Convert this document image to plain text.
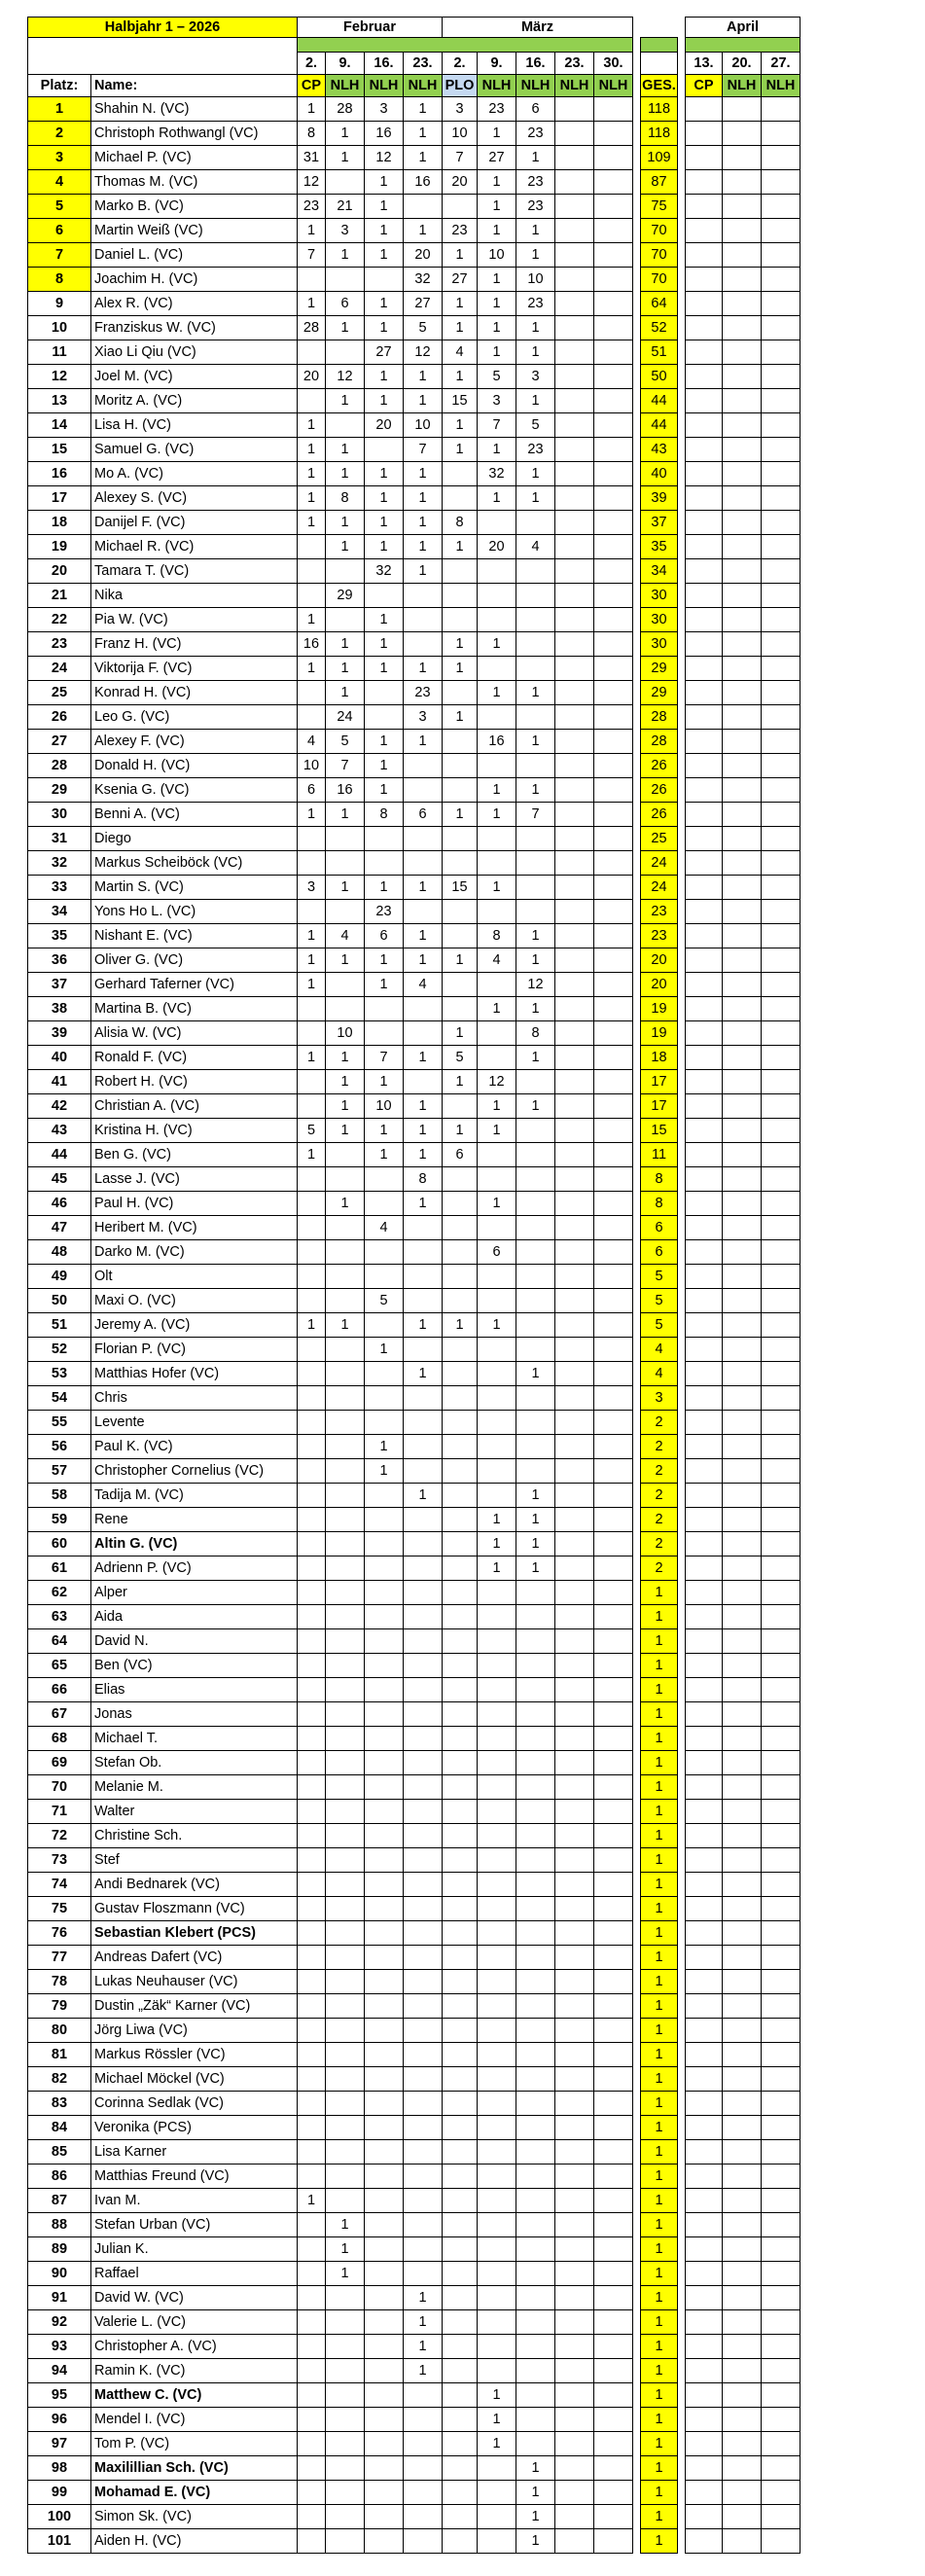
Halbjahr 1 – 2026		Februar				März								April		

		2.	9.	16.	23.	2.	9.	16.	23.	30.				13.	20.	27.
Platz:	Name:	CP	NLH	NLH	NLH	PLO	NLH	NLH	NLH	NLH		GES.		CP	NLH	NLH
1	Shahin N. (VC)	1	28	3	1	3	23	6				118				
2	Christoph Rothwangl (VC)	8	1	16	1	10	1	23				118				
3	Michael P. (VC)	31	1	12	1	7	27	1				109				
4	Thomas M. (VC)	12		1	16	20	1	23				87				
5	Marko B. (VC)	23	21	1			1	23				75				
6	Martin Weiß (VC)	1	3	1	1	23	1	1				70				
7	Daniel L. (VC)	7	1	1	20	1	10	1				70				
8	Joachim H. (VC)				32	27	1	10				70				
9	Alex R. (VC)	1	6	1	27	1	1	23				64				
10	Franziskus W. (VC)	28	1	1	5	1	1	1				52				
11	Xiao Li Qiu (VC)			27	12	4	1	1				51				
12	Joel M. (VC)	20	12	1	1	1	5	3				50				
13	Moritz A. (VC)		1	1	1	15	3	1				44				
14	Lisa H. (VC)	1		20	10	1	7	5				44				
15	Samuel G. (VC)	1	1		7	1	1	23				43				
16	Mo A. (VC)	1	1	1	1		32	1				40				
17	Alexey S. (VC)	1	8	1	1		1	1				39				
18	Danijel F. (VC)	1	1	1	1	8						37				
19	Michael R. (VC)		1	1	1	1	20	4				35				
20	Tamara T. (VC)			32	1							34				
21	Nika		29									30				
22	Pia W. (VC)	1		1								30				
23	Franz H. (VC)	16	1	1		1	1					30				
24	Viktorija F. (VC)	1	1	1	1	1						29				
25	Konrad H. (VC)		1		23		1	1				29				
26	Leo G. (VC)		24		3	1						28				
27	Alexey F. (VC)	4	5	1	1		16	1				28				
28	Donald H. (VC)	10	7	1								26				
29	Ksenia G. (VC)	6	16	1			1	1				26				
30	Benni A. (VC)	1	1	8	6	1	1	7				26				
31	Diego											25				
32	Markus Scheiböck (VC)											24				
33	Martin S. (VC)	3	1	1	1	15	1					24				
34	Yons Ho L. (VC)			23								23				
35	Nishant E. (VC)	1	4	6	1		8	1				23				
36	Oliver G. (VC)	1	1	1	1	1	4	1				20				
37	Gerhard Taferner (VC)	1		1	4			12				20				
38	Martina B. (VC)						1	1				19				
39	Alisia W. (VC)		10			1		8				19				
40	Ronald F. (VC)	1	1	7	1	5		1				18				
41	Robert H. (VC)		1	1		1	12					17				
42	Christian A. (VC)		1	10	1		1	1				17				
43	Kristina H. (VC)	5	1	1	1	1	1					15				
44	Ben G. (VC)	1		1	1	6						11				
45	Lasse J. (VC)				8							8				
46	Paul H. (VC)		1		1		1					8				
47	Heribert M. (VC)			4								6				
48	Darko M. (VC)						6					6				
49	Olt											5				
50	Maxi O. (VC)			5								5				
51	Jeremy A. (VC)	1	1		1	1	1					5				
52	Florian P. (VC)			1								4				
53	Matthias Hofer (VC)				1			1				4				
54	Chris											3				
55	Levente											2				
56	Paul K. (VC)			1								2				
57	Christopher Cornelius (VC)			1								2				
58	Tadija M. (VC)				1			1				2				
59	Rene						1	1				2				
60	Altin G. (VC)						1	1				2				
61	Adrienn P. (VC)						1	1				2				
62	Alper											1				
63	Aida											1				
64	David N.											1				
65	Ben (VC)											1				
66	Elias											1				
67	Jonas											1				
68	Michael T.											1				
69	Stefan Ob.											1				
70	Melanie M.											1				
71	Walter											1				
72	Christine Sch.											1				
73	Stef											1				
74	Andi Bednarek (VC)											1				
75	Gustav Floszmann (VC)											1				
76	Sebastian Klebert (PCS)											1				
77	Andreas Dafert (VC)											1				
78	Lukas Neuhauser (VC)											1				
79	Dustin „Zäk“ Karner (VC)											1				
80	Jörg Liwa (VC)											1				
81	Markus Rössler (VC)											1				
82	Michael Möckel (VC)											1				
83	Corinna Sedlak (VC)											1				
84	Veronika (PCS)											1				
85	Lisa Karner											1				
86	Matthias Freund (VC)											1				
87	Ivan M.	1										1				
88	Stefan Urban (VC)		1									1				
89	Julian K.		1									1				
90	Raffael		1									1				
91	David W. (VC)				1							1				
92	Valerie L. (VC)				1							1				
93	Christopher A. (VC)				1							1				
94	Ramin K. (VC)				1							1				
95	Matthew C. (VC)						1					1				
96	Mendel I. (VC)						1					1				
97	Tom P. (VC)						1					1				
98	Maxilillian Sch. (VC)							1				1				
99	Mohamad E. (VC)							1				1				
100	Simon Sk. (VC)							1				1				
101	Aiden H. (VC)							1				1				
